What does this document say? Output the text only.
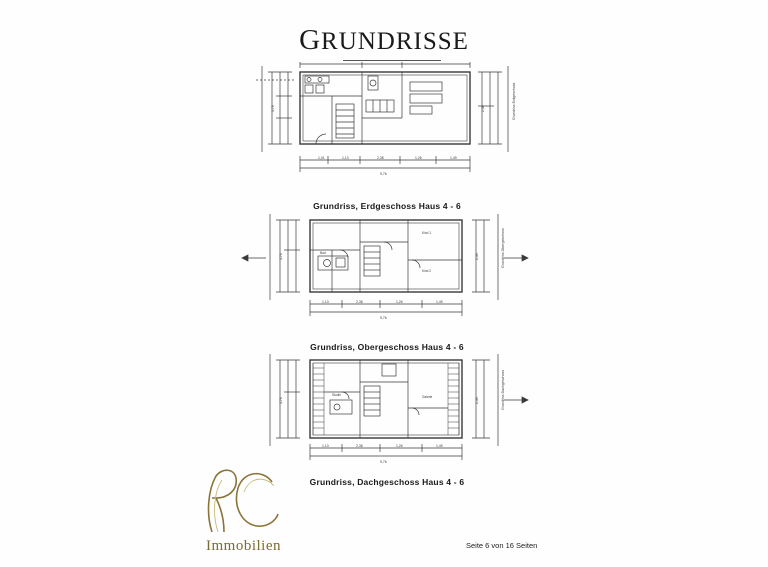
GRUNDRISSE
1,01	1,13	2,38	1,26	1,49
9,76
3,76	2,49	Grundriss Erdgeschoss
Grundriss, Erdgeschoss Haus 4 - 6
1,13	2,38	1,26	1,49
9,76
3,76	2,49	Grundriss Obergeschoss
Kind 1
Kind 2
Bad
Grundriss, Obergeschoss Haus 4 - 6
1,13	2,38	1,26	1,49
9,76
3,76	2,49	Grundriss Dachgeschoss
Studio	Galerie
Grundriss, Dachgeschoss Haus 4 - 6
Immobilien	Seite 6 von 16 Seiten
